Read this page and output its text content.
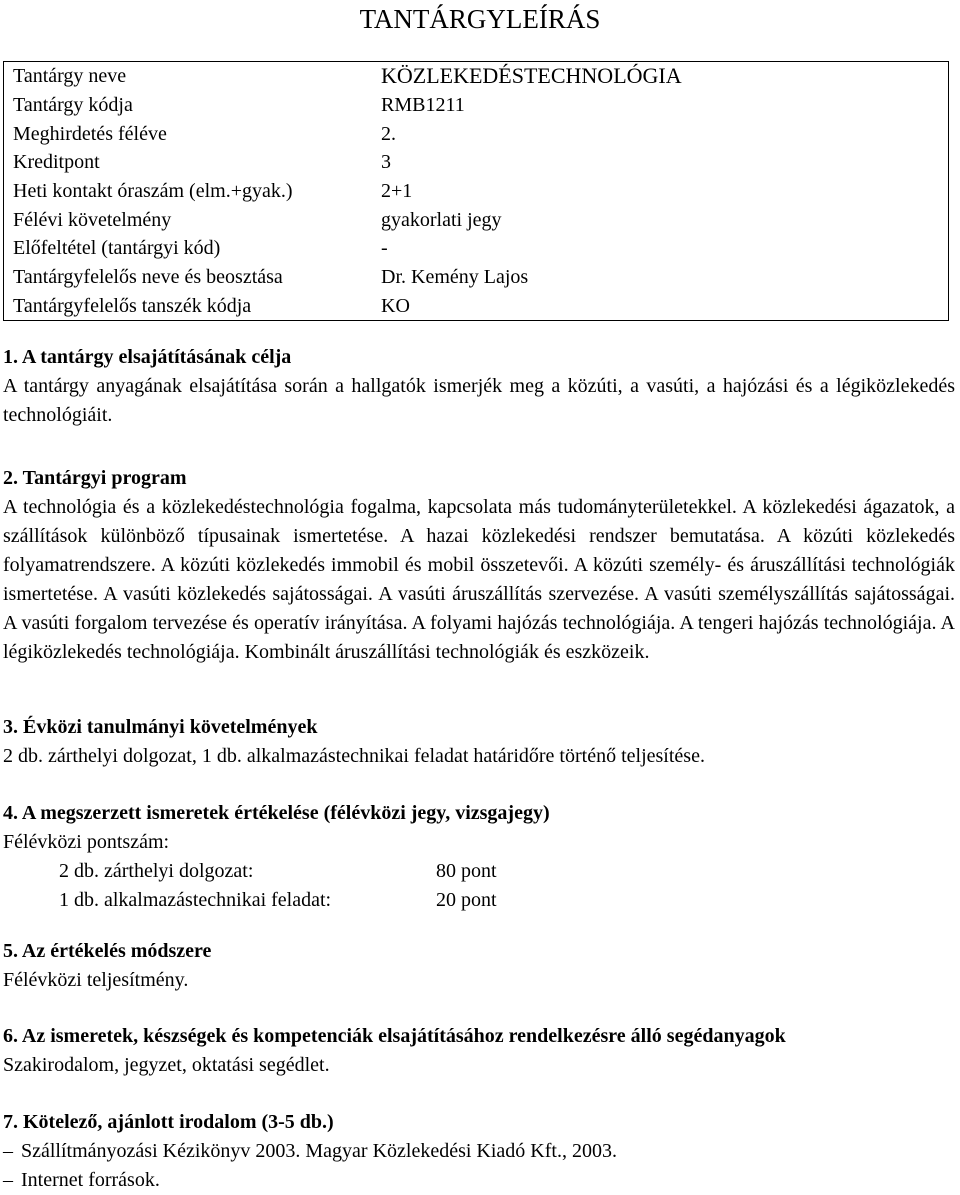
TANTÁRGYLEÍRÁS
Tantárgy neve	KÖZLEKEDÉSTECHNOLÓGIA
Tantárgy kódja	RMB1211
Meghirdetés féléve	2.
Kreditpont	3
Heti kontakt óraszám (elm.+gyak.)	2+1
Félévi követelmény	gyakorlati jegy
Előfeltétel (tantárgyi kód)	-
Tantárgyfelelős neve és beosztása	Dr. Kemény Lajos
Tantárgyfelelős tanszék kódja	KO
1. A tantárgy elsajátításának célja

A tantárgy anyagának elsajátítása során a hallgatók ismerjék meg a közúti, a vasúti, a hajózási és a légiközlekedés technológiáit.

2. Tantárgyi program

A technológia és a közlekedéstechnológia fogalma, kapcsolata más tudományterületekkel. A közlekedési ágazatok, a szállítások különböző típusainak ismertetése. A hazai közlekedési rendszer bemutatása. A közúti közlekedés folyamatrendszere. A közúti közlekedés immobil és mobil összetevői. A közúti személy- és áruszállítási technológiák ismertetése. A vasúti közlekedés sajátosságai. A vasúti áruszállítás szervezése. A vasúti személyszállítás sajátosságai. A vasúti forgalom tervezése és operatív irányítása. A folyami hajózás technológiája. A tengeri hajózás technológiája. A légiközlekedés technológiája. Kombinált áruszállítási technológiák és eszközeik.

3. Évközi tanulmányi követelmények

2 db. zárthelyi dolgozat, 1 db. alkalmazástechnikai feladat határidőre történő teljesítése.

4. A megszerzett ismeretek értékelése (félévközi jegy, vizsgajegy)

Félévközi pontszám:

2 db. zárthelyi dolgozat:	80 pont
1 db. alkalmazástechnikai feladat:	20 pont
5. Az értékelés módszere

Félévközi teljesítmény.

6. Az ismeretek, készségek és kompetenciák elsajátításához rendelkezésre álló segédanyagok

Szakirodalom, jegyzet, oktatási segédlet.

7. Kötelező, ajánlott irodalom (3-5 db.)
– Szállítmányozási Kézikönyv 2003. Magyar Közlekedési Kiadó Kft., 2003.
– Internet források.
